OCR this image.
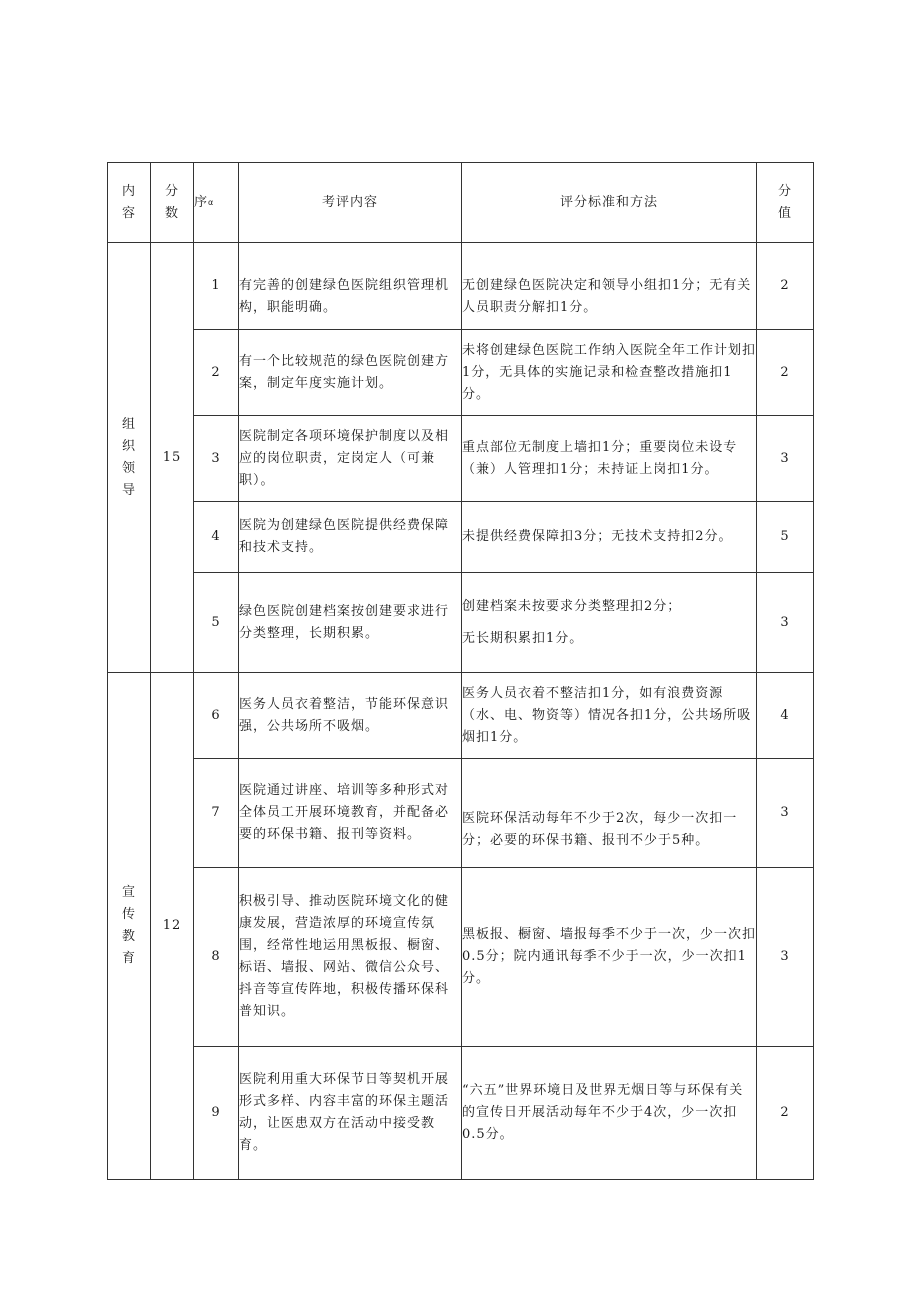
内容	分数	序$^\alpha$	考评内容	评分标准和方法	分值
组织领导	15	1	有完善的创建绿色医院组织管理机构，职能明确。	无创建绿色医院决定和领导小组扣1分；无有关人员职责分解扣1分。	2
		2	有一个比较规范的绿色医院创建方案，制定年度实施计划。	未将创建绿色医院工作纳入医院全年工作计划扣1分，无具体的实施记录和检查整改措施扣1分。	2
		3	医院制定各项环境保护制度以及相应的岗位职责，定岗定人（可兼职）。	重点部位无制度上墙扣1分；重要岗位未设专（兼）人管理扣1分；未持证上岗扣1分。	3
		4	医院为创建绿色医院提供经费保障和技术支持。	未提供经费保障扣3分；无技术支持扣2分。	5
		5	绿色医院创建档案按创建要求进行分类整理，长期积累。	创建档案未按要求分类整理扣2分；
无长期积累扣1分。	3
宣传教育	12	6	医务人员衣着整洁，节能环保意识强，公共场所不吸烟。	医务人员衣着不整洁扣1分，如有浪费资源（水、电、物资等）情况各扣1分，公共场所吸烟扣1分。	4
		7	医院通过讲座、培训等多种形式对全体员工开展环境教育，并配备必要的环保书籍、报刊等资料。	医院环保活动每年不少于2次，每少一次扣一分；必要的环保书籍、报刊不少于5种。	3
		8	积极引导、推动医院环境文化的健康发展，营造浓厚的环境宣传氛围，经常性地运用黑板报、橱窗、标语、墙报、网站、微信公众号、抖音等宣传阵地，积极传播环保科普知识。	黑板报、橱窗、墙报每季不少于一次，少一次扣0.5分；院内通讯每季不少于一次，少一次扣1分。	3
		9	医院利用重大环保节日等契机开展形式多样、内容丰富的环保主题活动，让医患双方在活动中接受教育。	“六五”世界环境日及世界无烟日等与环保有关的宣传日开展活动每年不少于4次，少一次扣0.5分。	2
